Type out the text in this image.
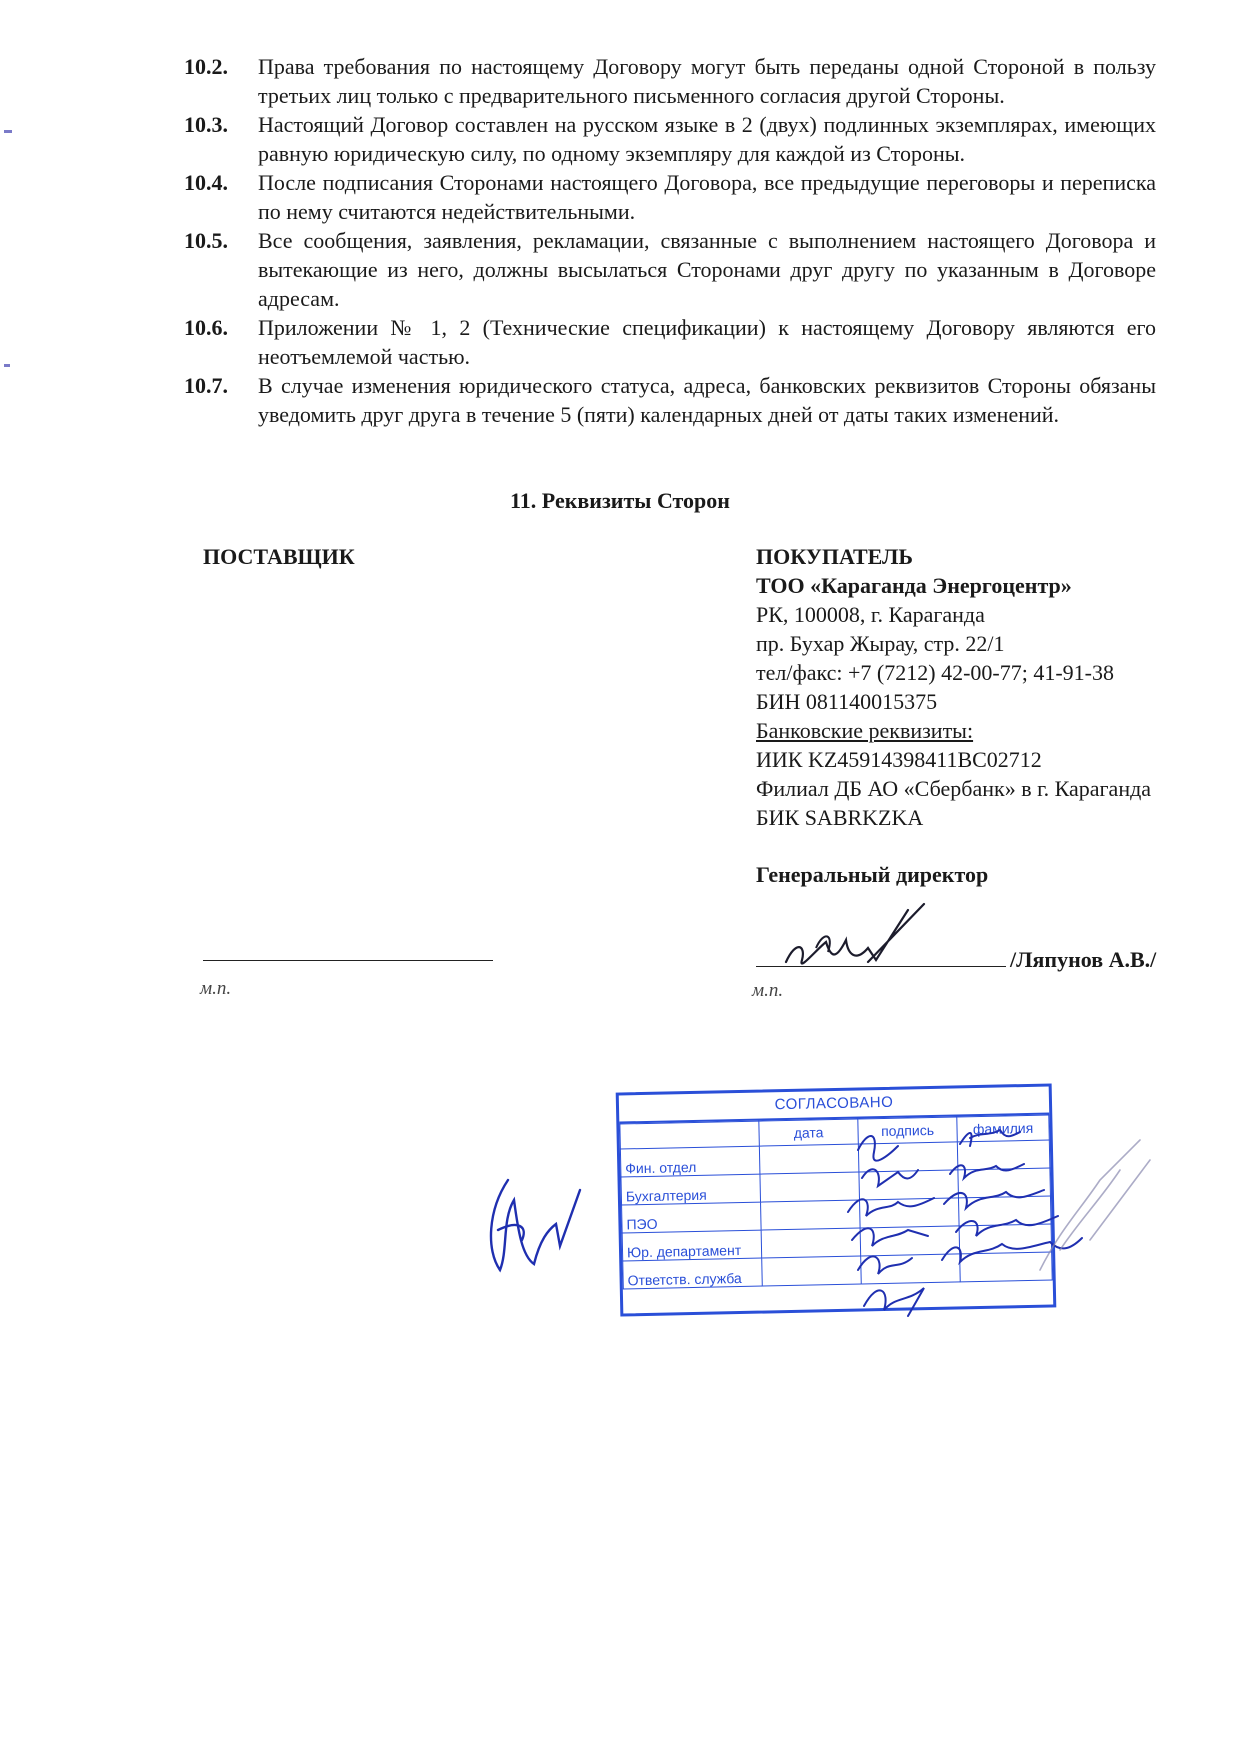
10.2.	Права требования по настоящему Договору могут быть переданы одной Стороной в пользу третьих лиц только с предварительного письменного согласия другой Стороны.
10.3.	Настоящий Договор составлен на русском языке в 2 (двух) подлинных экземплярах, имеющих равную юридическую силу, по одному экземпляру для каждой из Стороны.
10.4.	После подписания Сторонами настоящего Договора, все предыдущие переговоры и переписка по нему считаются недействительными.
10.5.	Все сообщения, заявления, рекламации, связанные с выполнением настоящего Договора и вытекающие из него, должны высылаться Сторонами друг другу по указанным в Договоре адресам.
10.6.	Приложении № 1, 2 (Технические спецификации) к настоящему Договору являются его неотъемлемой частью.
10.7.	В случае изменения юридического статуса, адреса, банковских реквизитов Стороны обязаны уведомить друг друга в течение 5 (пяти) календарных дней от даты таких изменений.
11. Реквизиты Сторон
ПОСТАВЩИК	ПОКУПАТЕЛЬ
ТОО «Караганда Энергоцентр»
РК, 100008, г. Караганда
пр. Бухар Жырау, стр. 22/1
тел/факс: +7 (7212) 42-00-77; 41-91-38
БИН 081140015375
Банковские реквизиты:
ИИК KZ45914398411BC02712
Филиал ДБ АО «Сбербанк» в г. Караганда
БИК SABRKZKA
Генеральный директор
м.п.
/Ляпунов А.В./
м.п.
СОГЛАСОВАНО
	дата	подпись	фамилия
Фин. отдел			
Бухгалтерия			
ПЭО			
Юр. департамент			
Ответств. служба			
